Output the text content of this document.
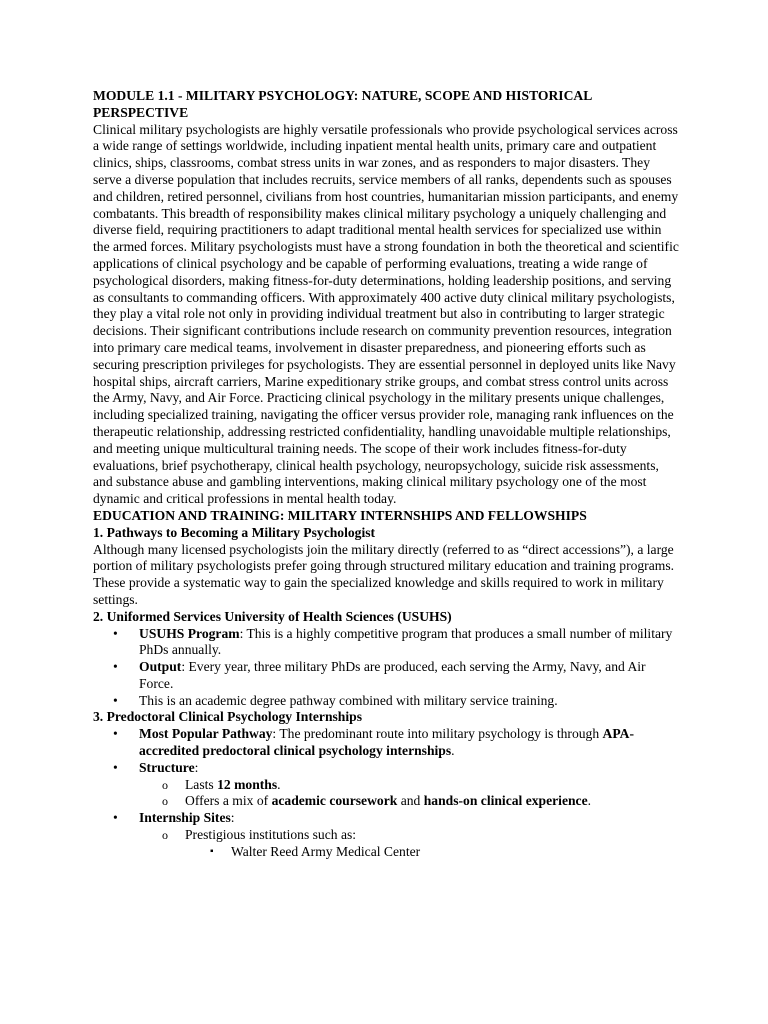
MODULE 1.1 - MILITARY PSYCHOLOGY: NATURE, SCOPE AND HISTORICAL PERSPECTIVE

Clinical military psychologists are highly versatile professionals who provide psychological services across a wide range of settings worldwide, including inpatient mental health units, primary care and outpatient clinics, ships, classrooms, combat stress units in war zones, and as responders to major disasters. They serve a diverse population that includes recruits, service members of all ranks, dependents such as spouses and children, retired personnel, civilians from host countries, humanitarian mission participants, and enemy combatants. This breadth of responsibility makes clinical military psychology a uniquely challenging and diverse field, requiring practitioners to adapt traditional mental health services for specialized use within the armed forces. Military psychologists must have a strong foundation in both the theoretical and scientific applications of clinical psychology and be capable of performing evaluations, treating a wide range of psychological disorders, making fitness-for-duty determinations, holding leadership positions, and serving as consultants to commanding officers. With approximately 400 active duty clinical military psychologists, they play a vital role not only in providing individual treatment but also in contributing to larger strategic decisions. Their significant contributions include research on community prevention resources, integration into primary care medical teams, involvement in disaster preparedness, and pioneering efforts such as securing prescription privileges for psychologists. They are essential personnel in deployed units like Navy hospital ships, aircraft carriers, Marine expeditionary strike groups, and combat stress control units across the Army, Navy, and Air Force. Practicing clinical psychology in the military presents unique challenges, including specialized training, navigating the officer versus provider role, managing rank influences on the therapeutic relationship, addressing restricted confidentiality, handling unavoidable multiple relationships, and meeting unique multicultural training needs. The scope of their work includes fitness-for-duty evaluations, brief psychotherapy, clinical health psychology, neuropsychology, suicide risk assessments, and substance abuse and gambling interventions, making clinical military psychology one of the most dynamic and critical professions in mental health today.

EDUCATION AND TRAINING: MILITARY INTERNSHIPS AND FELLOWSHIPS

1. Pathways to Becoming a Military Psychologist

Although many licensed psychologists join the military directly (referred to as “direct accessions”), a large portion of military psychologists prefer going through structured military education and training programs. These provide a systematic way to gain the specialized knowledge and skills required to work in military settings.

2. Uniformed Services University of Health Sciences (USUHS)

• USUHS Program: This is a highly competitive program that produces a small number of military PhDs annually.
• Output: Every year, three military PhDs are produced, each serving the Army, Navy, and Air Force.
• This is an academic degree pathway combined with military service training.

3. Predoctoral Clinical Psychology Internships

• Most Popular Pathway: The predominant route into military psychology is through APA-accredited predoctoral clinical psychology internships.
• Structure:
o Lasts 12 months.
o Offers a mix of academic coursework and hands-on clinical experience.
• Internship Sites:
o Prestigious institutions such as:
▪ Walter Reed Army Medical Center
